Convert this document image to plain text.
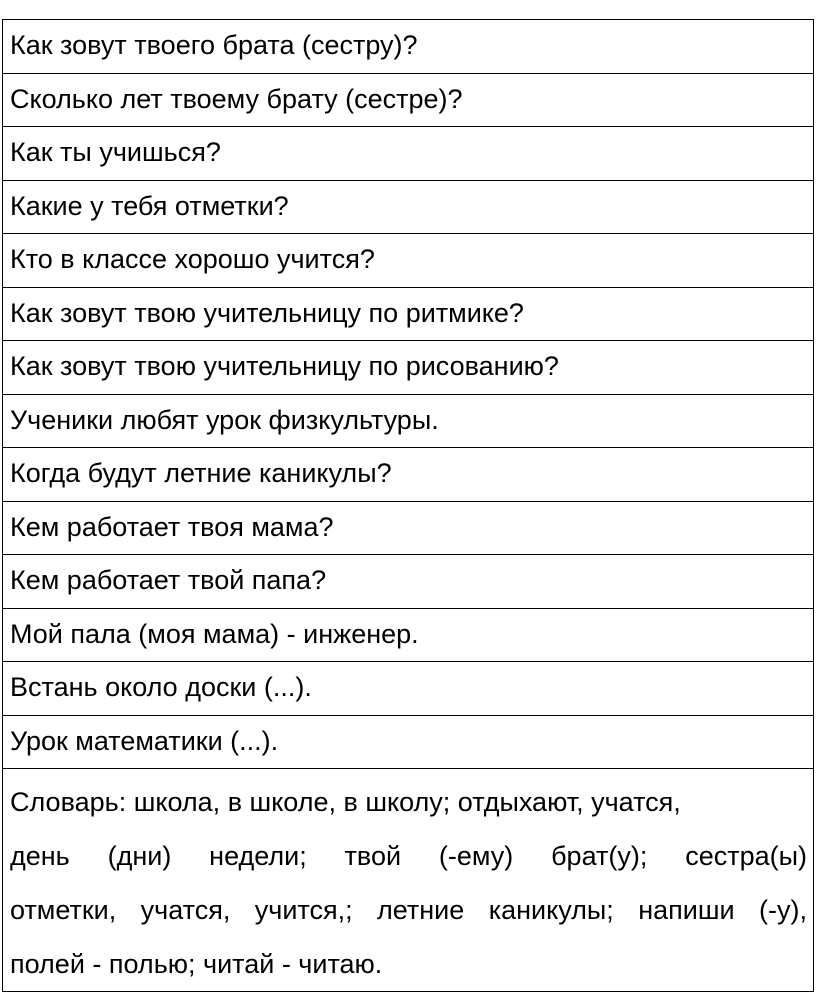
Как зовут твоего брата (сестру)?
Сколько лет твоему брату (сестре)?
Как ты учишься?
Какие у тебя отметки?
Кто в классе хорошо учится?
Как зовут твою учительницу по ритмике?
Как зовут твою учительницу по рисованию?
Ученики любят урок физкультуры.
Когда будут летние каникулы?
Кем работает твоя мама?
Кем работает твой папа?
Мой пала (моя мама) - инженер.
Встань около доски (...).
Урок математики (...).

Словарь: школа, в школе, в школу; отдыхают, учатся,
день (дни) недели; твой (-ему) брат(у); сестра(ы)
отметки, учатся, учится,; летние каникулы; напиши (-у),
полей - полью; читай - читаю.
